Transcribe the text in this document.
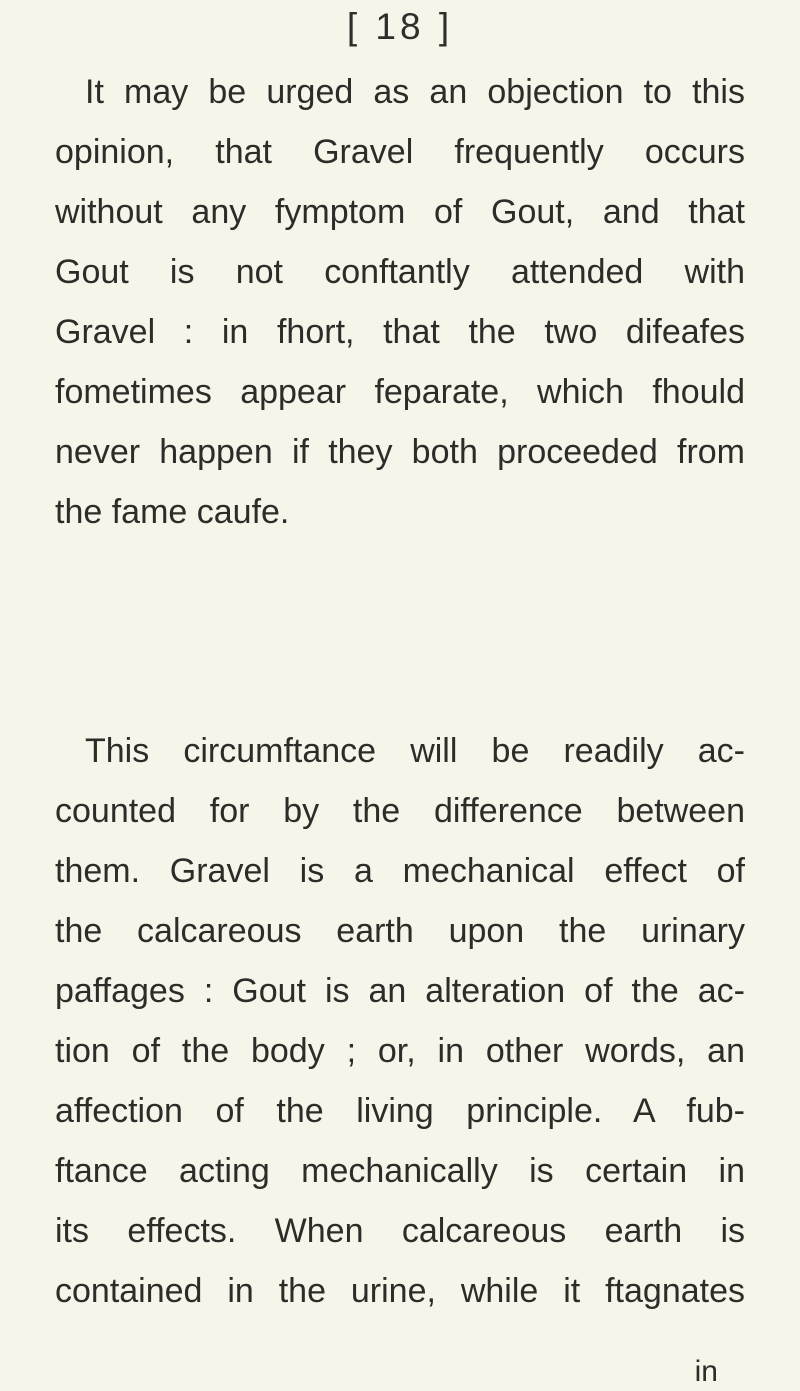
[ 18 ]
It may be urged as an objection to this
opinion, that Gravel frequently occurs
without any fymptom of Gout, and that
Gout is not conftantly attended with
Gravel : in fhort, that the two difeafes
fometimes appear feparate, which fhould
never happen if they both proceeded from
the fame caufe.
This circumftance will be readily ac-
counted for by the difference between
them. Gravel is a mechanical effect of
the calcareous earth upon the urinary
paffages : Gout is an alteration of the ac-
tion of the body ; or, in other words, an
affection of the living principle. A fub-
ftance acting mechanically is certain in
its effects. When calcareous earth is
contained in the urine, while it ftagnates
in
